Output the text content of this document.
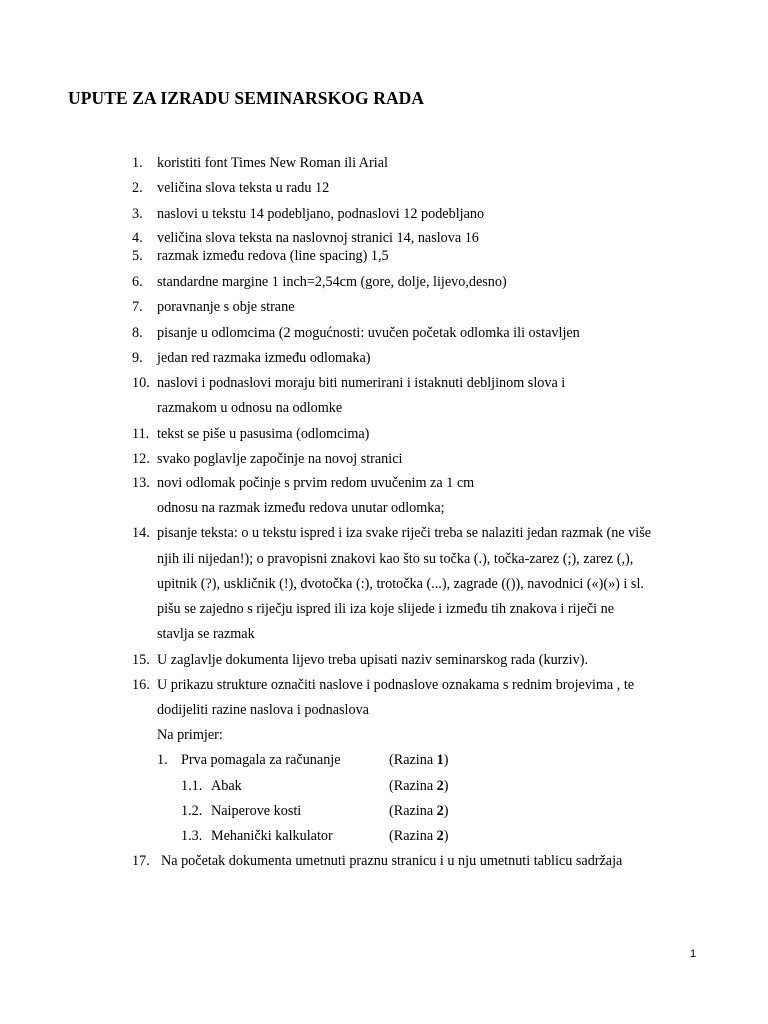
UPUTE ZA IZRADU SEMINARSKOG RADA
1. koristiti font Times New Roman ili Arial
2. veličina slova teksta u radu 12
3. naslovi u tekstu 14 podebljano, podnaslovi 12 podebljano
4. veličina slova teksta na naslovnoj stranici 14, naslova 16
5. razmak između redova (line spacing) 1,5
6. standardne margine 1 inch=2,54cm (gore, dolje, lijevo,desno)
7. poravnanje s obje strane
8. pisanje u odlomcima (2 mogućnosti: uvučen početak odlomka ili ostavljen
9. jedan red razmaka između odlomaka)
10. naslovi i podnaslovi moraju biti numerirani i istaknuti debljinom slova i
razmakom u odnosu na odlomke
11. tekst se piše u pasusima (odlomcima)
12. svako poglavlje započinje na novoj stranici
13. novi odlomak počinje s prvim redom uvučenim za 1 cm
odnosu na razmak između redova unutar odlomka;
14. pisanje teksta: o u tekstu ispred i iza svake riječi treba se nalaziti jedan razmak (ne više
njih ili nijedan!); o pravopisni znakovi kao što su točka (.), točka-zarez (;), zarez (,),
upitnik (?), uskličnik (!), dvotočka (:), trotočka (...), zagrade (()), navodnici («)(») i sl.
pišu se zajedno s riječju ispred ili iza koje slijede i između tih znakova i riječi ne
stavlja se razmak
15. U zaglavlje dokumenta lijevo treba upisati naziv seminarskog rada (kurziv).
16. U prikazu strukture označiti naslove i podnaslove oznakama s rednim brojevima , te
dodijeliti razine naslova i podnaslova
Na primjer:
1. Prva pomagala za računanje	(Razina 1)
1.1. Abak	(Razina 2)
1.2. Naiperove kosti	(Razina 2)
1.3. Mehanički kalkulator	(Razina 2)
17. Na početak dokumenta umetnuti praznu stranicu i u nju umetnuti tablicu sadržaja
1
